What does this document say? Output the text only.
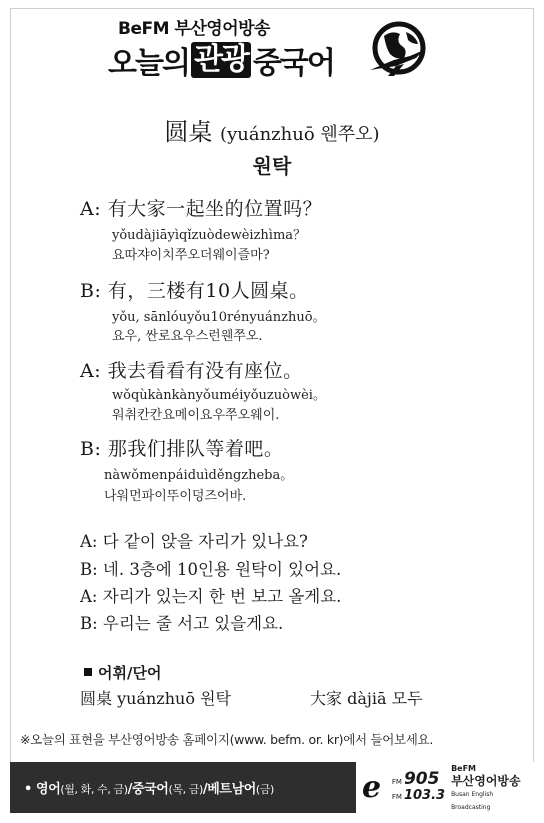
BeFM 부산영어방송
오늘의 관광 중국어
圆桌 (yuánzhuō 웬쭈오)
원탁
A: 有大家一起坐的位置吗？
yǒudàjiāyìqǐzuòdewèizhìma？
요따쟈이치쭈오더웨이즐마?
B: 有，三楼有10人圆桌。
yǒu, sānlóuyǒu10rényuánzhuō。
요우, 싼로요우스런웬쭈오.
A: 我去看看有没有座位。
wǒqùkànkànyǒuméiyǒuzuòwèi。
워취칸칸요메이요우쭈오웨이.
B: 那我们排队等着吧。
nàwǒmenpáiduìděngzheba。
나워먼파이뚜이덩즈어바.
A: 다 같이 앉을 자리가 있나요?
B: 네. 3층에 10인용 원탁이 있어요.
A: 자리가 있는지 한 번 보고 올게요.
B: 우리는 줄 서고 있을게요.
어휘/단어
圆桌 yuánzhuō 원탁	大家 dàjiā 모두
※오늘의 표현을 부산영어방송 홈페이지(www. befm. or. kr)에서 들어보세요.
• 영어(월, 화, 수, 금)/중국어(목, 금)/베트남어(금)	e	FM 905
FM 103.3
BeFM
부산영어방송
Busan English Broadcasting
